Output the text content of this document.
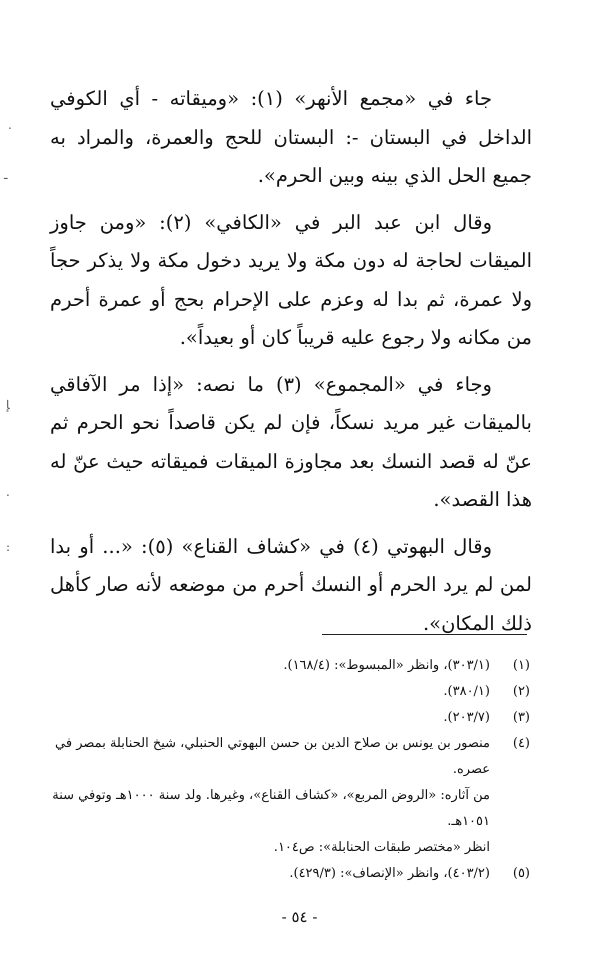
جاء في «مجمع الأنهر» (١): «وميقاته - أي الكوفي الداخل في البستان -: البستان للحج والعمرة، والمراد به جميع الحل الذي بينه وبين الحرم».

وقال ابن عبد البر في «الكافي» (٢): «ومن جاوز الميقات لحاجة له دون مكة ولا يريد دخول مكة ولا يذكر حجاً ولا عمرة، ثم بدا له وعزم على الإحرام بحج أو عمرة أحرم من مكانه ولا رجوع عليه قريباً كان أو بعيداً».

وجاء في «المجموع» (٣) ما نصه: «إذا مر الآفاقي بالميقات غير مريد نسكاً، فإن لم يكن قاصداً نحو الحرم ثم عنّ له قصد النسك بعد مجاوزة الميقات فميقاته حيث عنّ له هذا القصد».

وقال البهوتي (٤) في «كشاف القناع» (٥): «... أو بدا لمن لم يرد الحرم أو النسك أحرم من موضعه لأنه صار كأهل ذلك المكان».

(١)
(٣٠٣/١)، وانظر «المبسوط»: (١٦٨/٤).
(٢)
(٣٨٠/١).
(٣)
(٢٠٣/٧).
(٤)
منصور بن يونس بن صلاح الدين بن حسن البهوتي الحنبلي، شيخ الحنابلة بمصر في عصره.
من آثاره: «الروض المربع»، «كشاف القناع»، وغيرها. ولد سنة ١٠٠٠هـ وتوفي سنة ١٠٥١هـ.
انظر «مختصر طبقات الحنابلة»: ص١٠٤.
(٥)
(٤٠٣/٢)، وانظر «الإنصاف»: (٤٢٩/٣).
- ٥٤ -
.
ـ
ﺈ
.
:
